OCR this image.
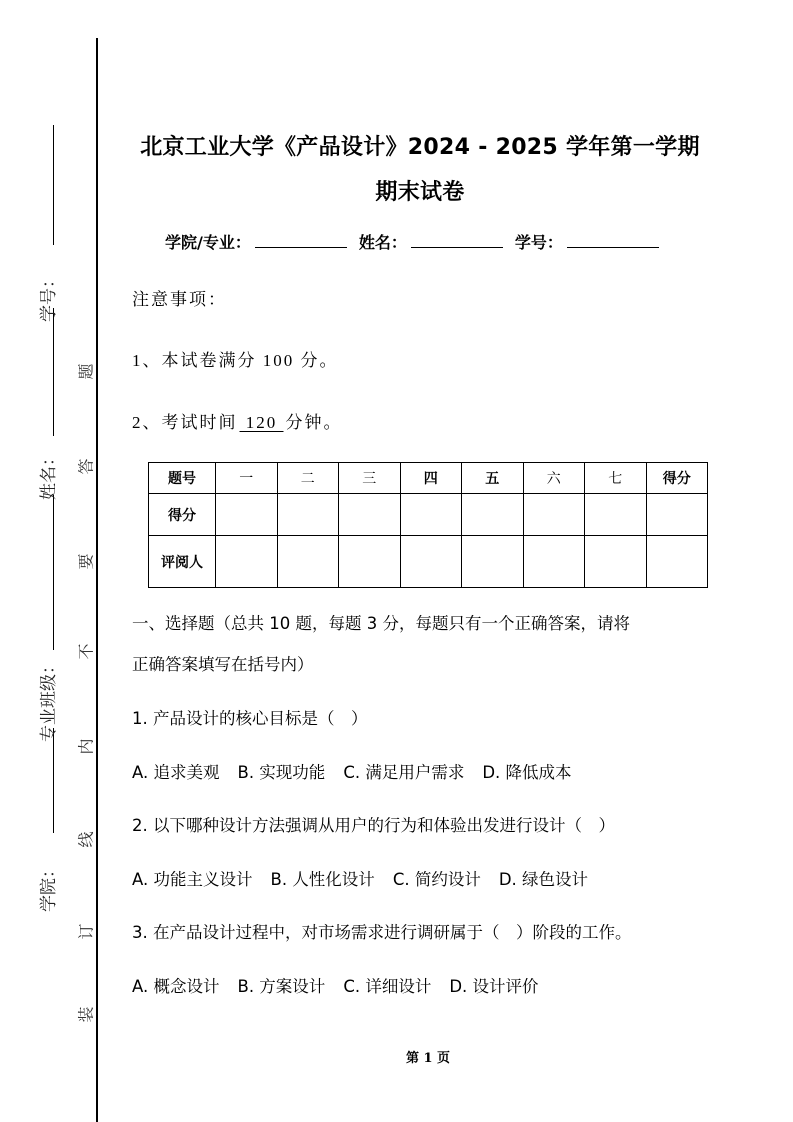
学号：
姓名：
专业班级：
学院：
题
答
要
不
内
线
订
装
北京工业大学《产品设计》2024 - 2025 学年第一学期
期末试卷
学院/专业：	姓名：	学号：
注意事项：
1、本试卷满分 100 分。
2、考试时间 120 分钟。
题号	一	二	三	四	五	六	七	得分
得分								
评阅人								
一、选择题（总共 10 题，每题 3 分，每题只有一个正确答案，请将
正确答案填写在括号内）
1. 产品设计的核心目标是（　）
A. 追求美观 B. 实现功能 C. 满足用户需求 D. 降低成本
2. 以下哪种设计方法强调从用户的行为和体验出发进行设计（　）
A. 功能主义设计 B. 人性化设计 C. 简约设计 D. 绿色设计
3. 在产品设计过程中，对市场需求进行调研属于（　）阶段的工作。
A. 概念设计 B. 方案设计 C. 详细设计 D. 设计评价
第 1 页
